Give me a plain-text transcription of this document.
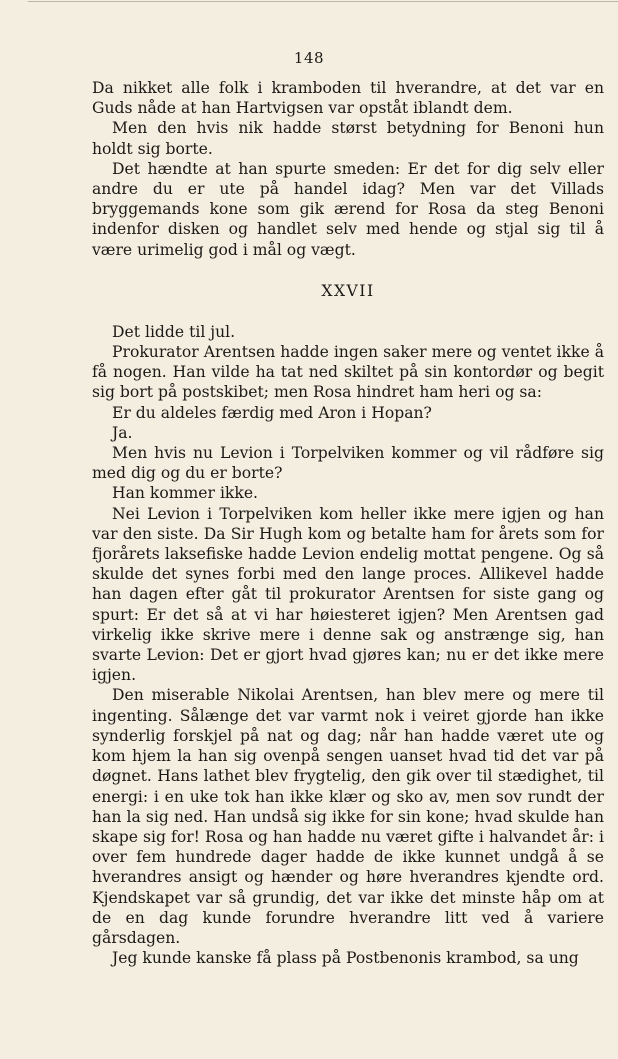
148

Da nikket alle folk i kramboden til hverandre, at det var en Guds nåde at han Hartvigsen var opståt iblandt dem.

Men den hvis nik hadde størst betydning for Benoni hun holdt sig borte.

Det hændte at han spurte smeden: Er det for dig selv eller andre du er ute på handel idag? Men var det Villads bryggemands kone som gik ærend for Rosa da steg Benoni indenfor disken og handlet selv med hende og stjal sig til å være urimelig god i mål og vægt.

XXVII

Det lidde til jul.

Prokurator Arentsen hadde ingen saker mere og ventet ikke å få nogen. Han vilde ha tat ned skiltet på sin kontordør og begit sig bort på postskibet; men Rosa hindret ham heri og sa:

Er du aldeles færdig med Aron i Hopan?

Ja.

Men hvis nu Levion i Torpelviken kommer og vil rådføre sig med dig og du er borte?

Han kommer ikke.

Nei Levion i Torpelviken kom heller ikke mere igjen og han var den siste. Da Sir Hugh kom og betalte ham for årets som for fjorårets laksefiske hadde Levion endelig mottat pengene. Og så skulde det synes forbi med den lange proces. Allikevel hadde han dagen efter gåt til prokurator Arentsen for siste gang og spurt: Er det så at vi har høiesteret igjen? Men Arentsen gad virkelig ikke skrive mere i denne sak og anstrænge sig, han svarte Levion: Det er gjort hvad gjøres kan; nu er det ikke mere igjen.

Den miserable Nikolai Arentsen, han blev mere og mere til ingenting. Sålænge det var varmt nok i veiret gjorde han ikke synderlig forskjel på nat og dag; når han hadde været ute og kom hjem la han sig ovenpå sengen uanset hvad tid det var på døgnet. Hans lathet blev frygtelig, den gik over til stædighet, til energi: i en uke tok han ikke klær og sko av, men sov rundt der han la sig ned. Han undså sig ikke for sin kone; hvad skulde han skape sig for! Rosa og han hadde nu været gifte i halvandet år: i over fem hundrede dager hadde de ikke kunnet undgå å se hverandres ansigt og hænder og høre hverandres kjendte ord. Kjendskapet var så grundig, det var ikke det minste håp om at de en dag kunde forundre hverandre litt ved å variere gårsdagen.

Jeg kunde kanske få plass på Postbenonis krambod, sa ung
